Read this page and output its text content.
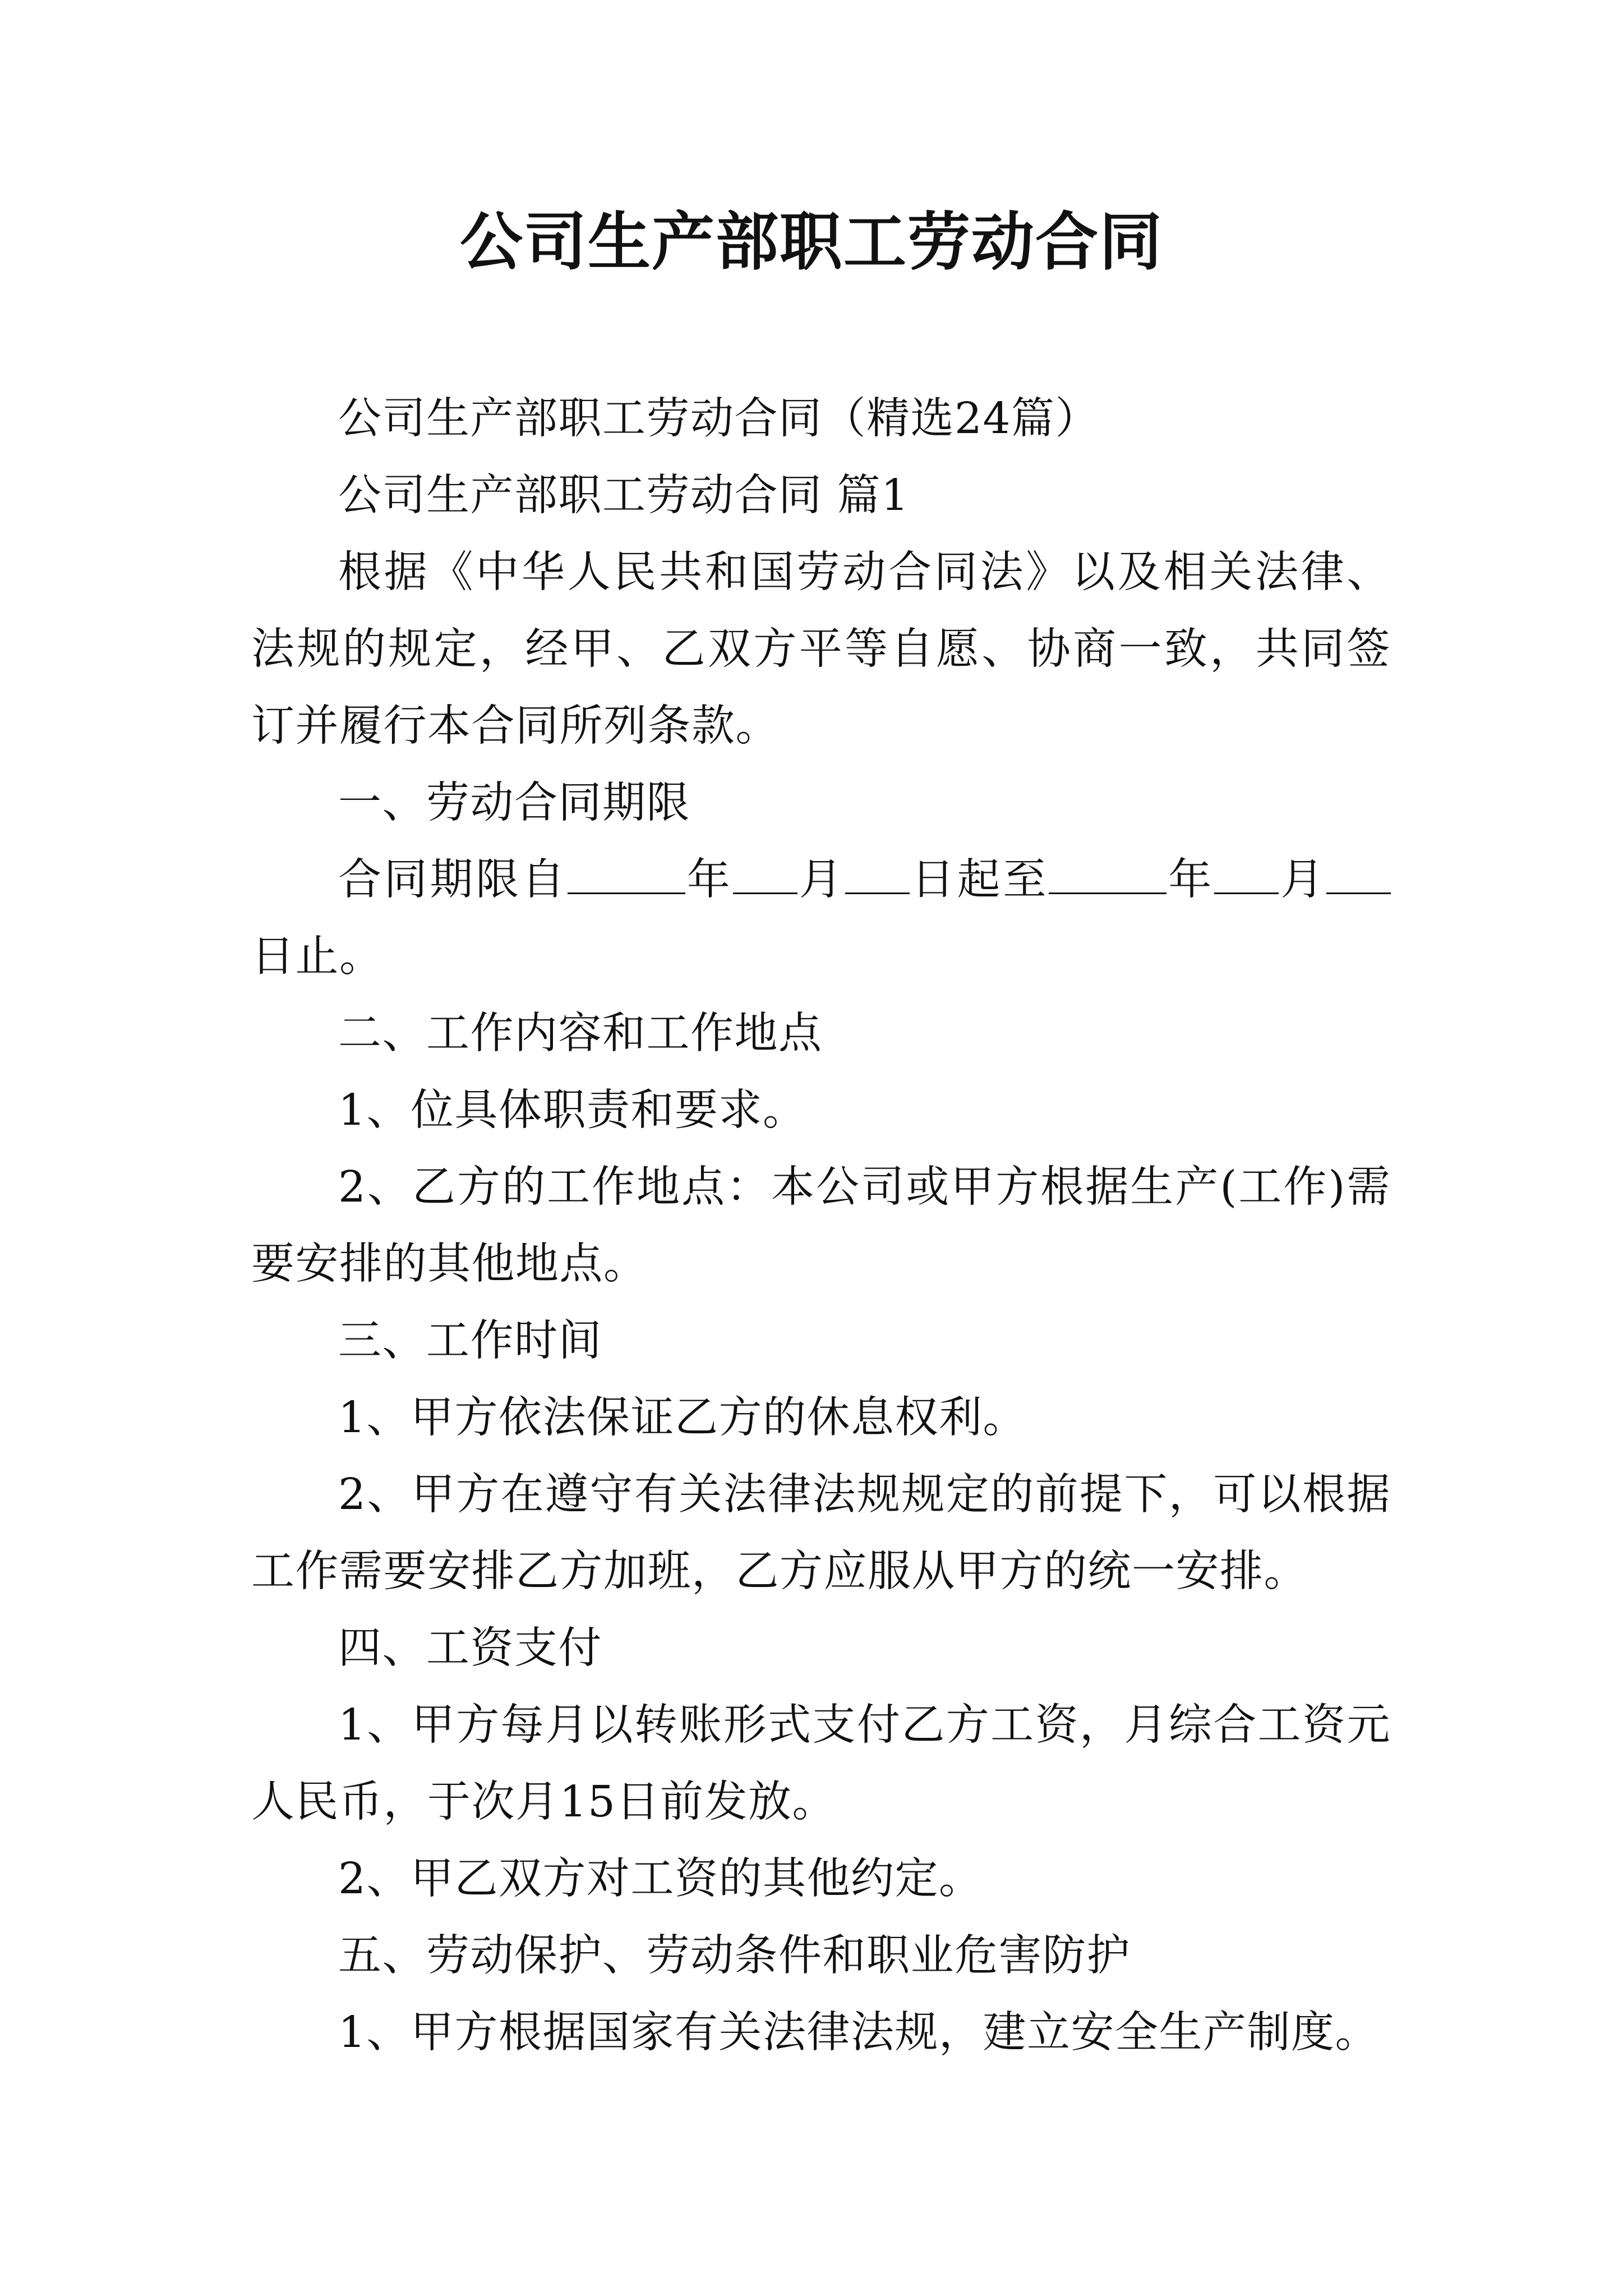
公司生产部职工劳动合同

公司生产部职工劳动合同（精选24篇）

公司生产部职工劳动合同 篇1

根据《中华人民共和国劳动合同法》以及相关法律、法规的规定，经甲、乙双方平等自愿、协商一致，共同签订并履行本合同所列条款。

一、劳动合同期限

合同期限自	年 月 日起至	年 月日止。

二、工作内容和工作地点

1、位具体职责和要求。

2、乙方的工作地点：本公司或甲方根据生产(工作)需要安排的其他地点。

三、工作时间

1、甲方依法保证乙方的休息权利。

2、甲方在遵守有关法律法规规定的前提下，可以根据工作需要安排乙方加班，乙方应服从甲方的统一安排。

四、工资支付

1、甲方每月以转账形式支付乙方工资，月综合工资元人民币，于次月15日前发放。

2、甲乙双方对工资的其他约定。

五、劳动保护、劳动条件和职业危害防护

1、甲方根据国家有关法律法规，建立安全生产制度。
